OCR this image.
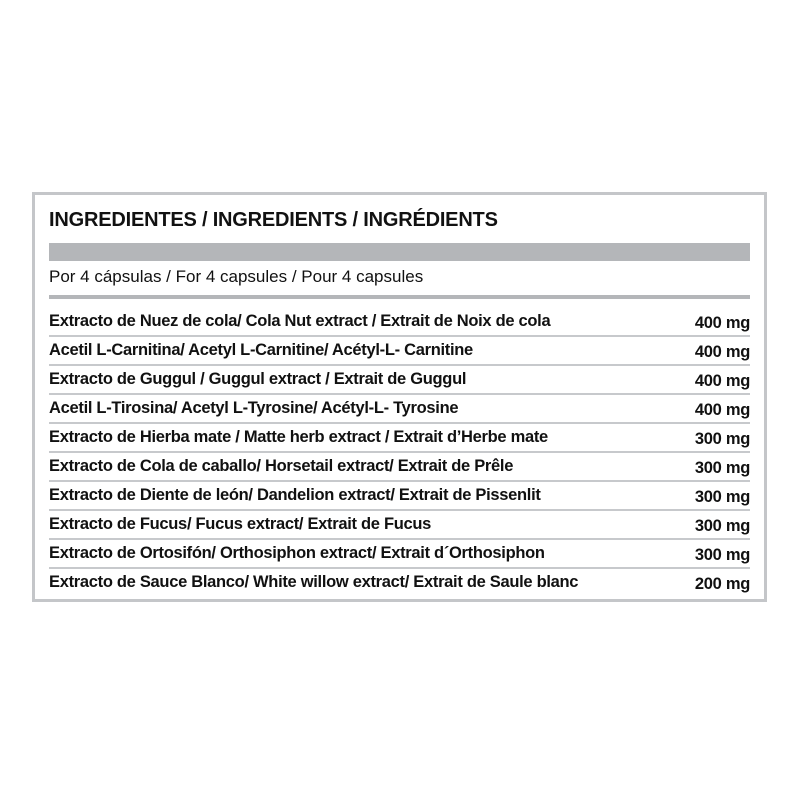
INGREDIENTES / INGREDIENTS / INGRÉDIENTS
Por 4 cápsulas / For 4 capsules / Pour 4 capsules
Extracto de Nuez de cola/ Cola Nut extract / Extrait de Noix de cola	400 mg
Acetil L-Carnitina/ Acetyl L-Carnitine/ Acétyl-L- Carnitine	400 mg
Extracto de Guggul / Guggul extract / Extrait de Guggul	400 mg
Acetil L-Tirosina/ Acetyl L-Tyrosine/ Acétyl-L- Tyrosine	400 mg
Extracto de Hierba mate / Matte herb extract / Extrait d’Herbe mate	300 mg
Extracto de Cola de caballo/ Horsetail extract/ Extrait de Prêle	300 mg
Extracto de Diente de león/ Dandelion extract/ Extrait de Pissenlit	300 mg
Extracto de Fucus/ Fucus extract/ Extrait de Fucus	300 mg
Extracto de Ortosifón/ Orthosiphon extract/ Extrait d´Orthosiphon	300 mg
Extracto de Sauce Blanco/ White willow extract/ Extrait de Saule blanc	200 mg
